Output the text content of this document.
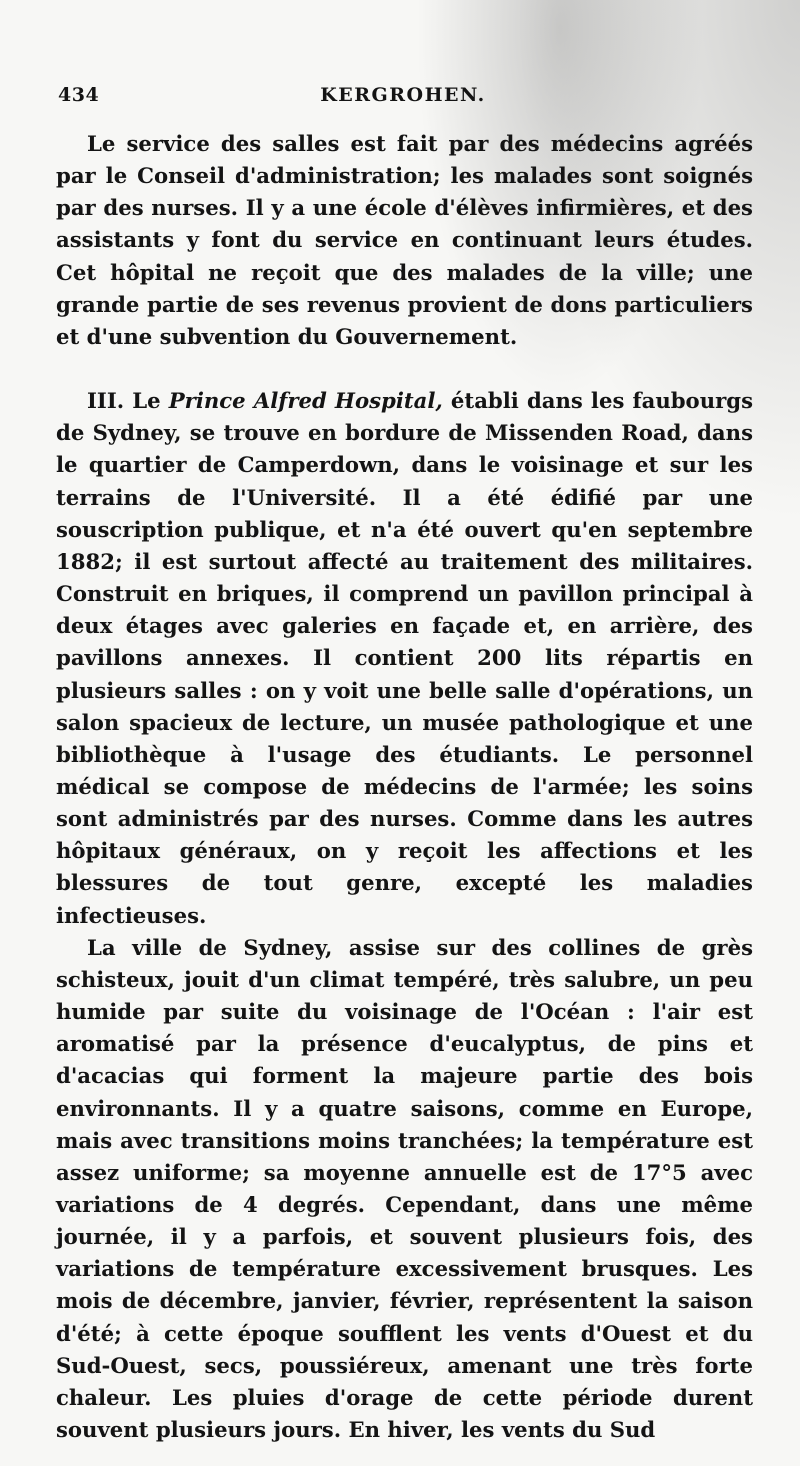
434	KERGROHEN.

Le service des salles est fait par des médecins agréés par le Conseil d'administration; les malades sont soignés par des nurses. Il y a une école d'élèves infirmières, et des assistants y font du service en continuant leurs études. Cet hôpital ne reçoit que des malades de la ville; une grande partie de ses revenus provient de dons particuliers et d'une subvention du Gouvernement.

III. Le Prince Alfred Hospital, établi dans les faubourgs de Sydney, se trouve en bordure de Missenden Road, dans le quartier de Camperdown, dans le voisinage et sur les terrains de l'Université. Il a été édifié par une souscription publique, et n'a été ouvert qu'en septembre 1882; il est surtout affecté au traitement des militaires. Construit en briques, il comprend un pavillon principal à deux étages avec galeries en façade et, en arrière, des pavillons annexes. Il contient 200 lits répartis en plusieurs salles : on y voit une belle salle d'opérations, un salon spacieux de lecture, un musée pathologique et une bibliothèque à l'usage des étudiants. Le personnel médical se compose de médecins de l'armée; les soins sont administrés par des nurses. Comme dans les autres hôpitaux généraux, on y reçoit les affections et les blessures de tout genre, excepté les maladies infectieuses.

La ville de Sydney, assise sur des collines de grès schisteux, jouit d'un climat tempéré, très salubre, un peu humide par suite du voisinage de l'Océan : l'air est aromatisé par la présence d'eucalyptus, de pins et d'acacias qui forment la majeure partie des bois environnants. Il y a quatre saisons, comme en Europe, mais avec transitions moins tranchées; la température est assez uniforme; sa moyenne annuelle est de 17°5 avec variations de 4 degrés. Cependant, dans une même journée, il y a parfois, et souvent plusieurs fois, des variations de température excessivement brusques. Les mois de décembre, janvier, février, représentent la saison d'été; à cette époque soufflent les vents d'Ouest et du Sud-Ouest, secs, poussiéreux, amenant une très forte chaleur. Les pluies d'orage de cette période durent souvent plusieurs jours. En hiver, les vents du Sud
